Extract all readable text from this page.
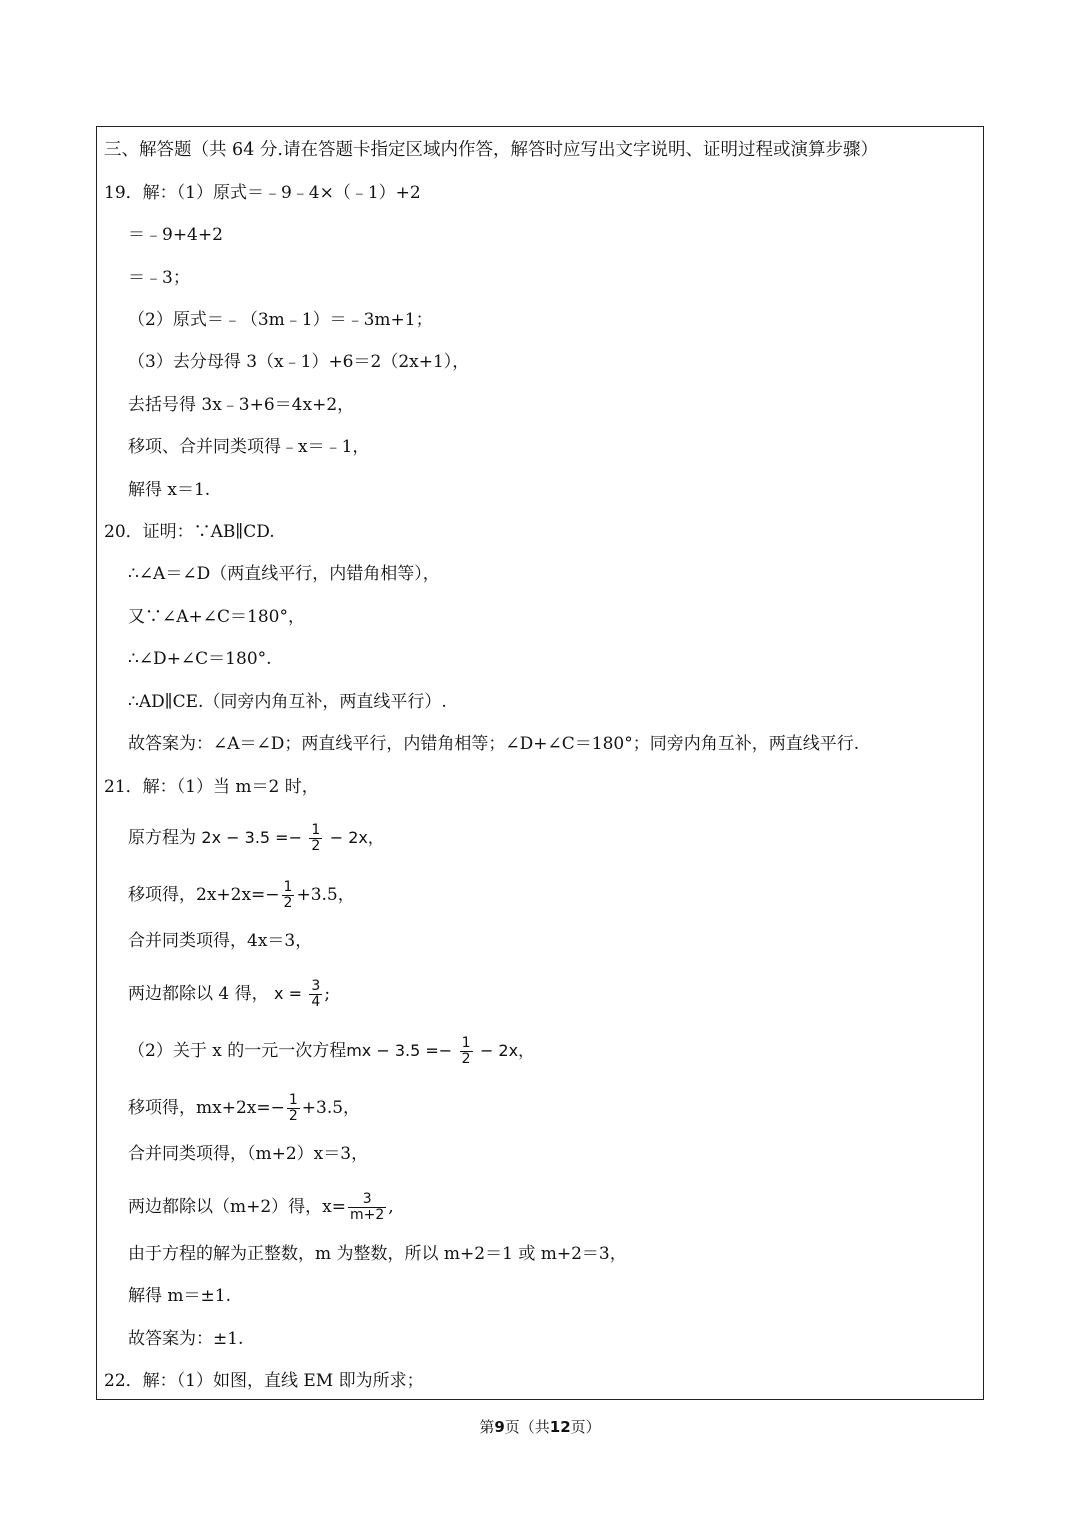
三、解答题（共 64 分.请在答题卡指定区域内作答，解答时应写出文字说明、证明过程或演算步骤）
19．解：（1）原式＝﹣9﹣4×（﹣1）+2
＝﹣9+4+2
＝﹣3；
（2）原式＝﹣（3m﹣1）＝﹣3m+1；
（3）去分母得 3（x﹣1）+6＝2（2x+1），
去括号得 3x﹣3+6＝4x+2，
移项、合并同类项得﹣x＝﹣1，
解得 x＝1.
20．证明：∵AB∥CD.
∴∠A＝∠D（两直线平行，内错角相等），
又∵∠A+∠C＝180°，
∴∠D+∠C＝180°.
∴AD∥CE.（同旁内角互补，两直线平行）.
故答案为：∠A＝∠D；两直线平行，内错角相等；∠D+∠C＝180°；同旁内角互补，两直线平行.
21．解：（1）当 m＝2 时，
原方程为 $2x - 3.5 =- \frac{1}{2} - 2x$，
移项得，$2x+2x=- \frac{1}{2} +3.5$，
合并同类项得，4x＝3，
两边都除以 4 得， $x = \frac{3}{4}$ ;
（2）关于 x 的一元一次方程mx − $3.5 =- \frac{1}{2} - 2x$，
移项得，$mx+2x=- \frac{1}{2} +3.5$，
合并同类项得，（m+2）x＝3，
两边都除以（m+2）得，$x= \frac{3}{m+2}$ ,
由于方程的解为正整数，m 为整数，所以 m+2＝1 或 m+2＝3，
解得 m＝±1.
故答案为：±1.
22．解：（1）如图，直线 EM 即为所求；
第9页（共12页）
